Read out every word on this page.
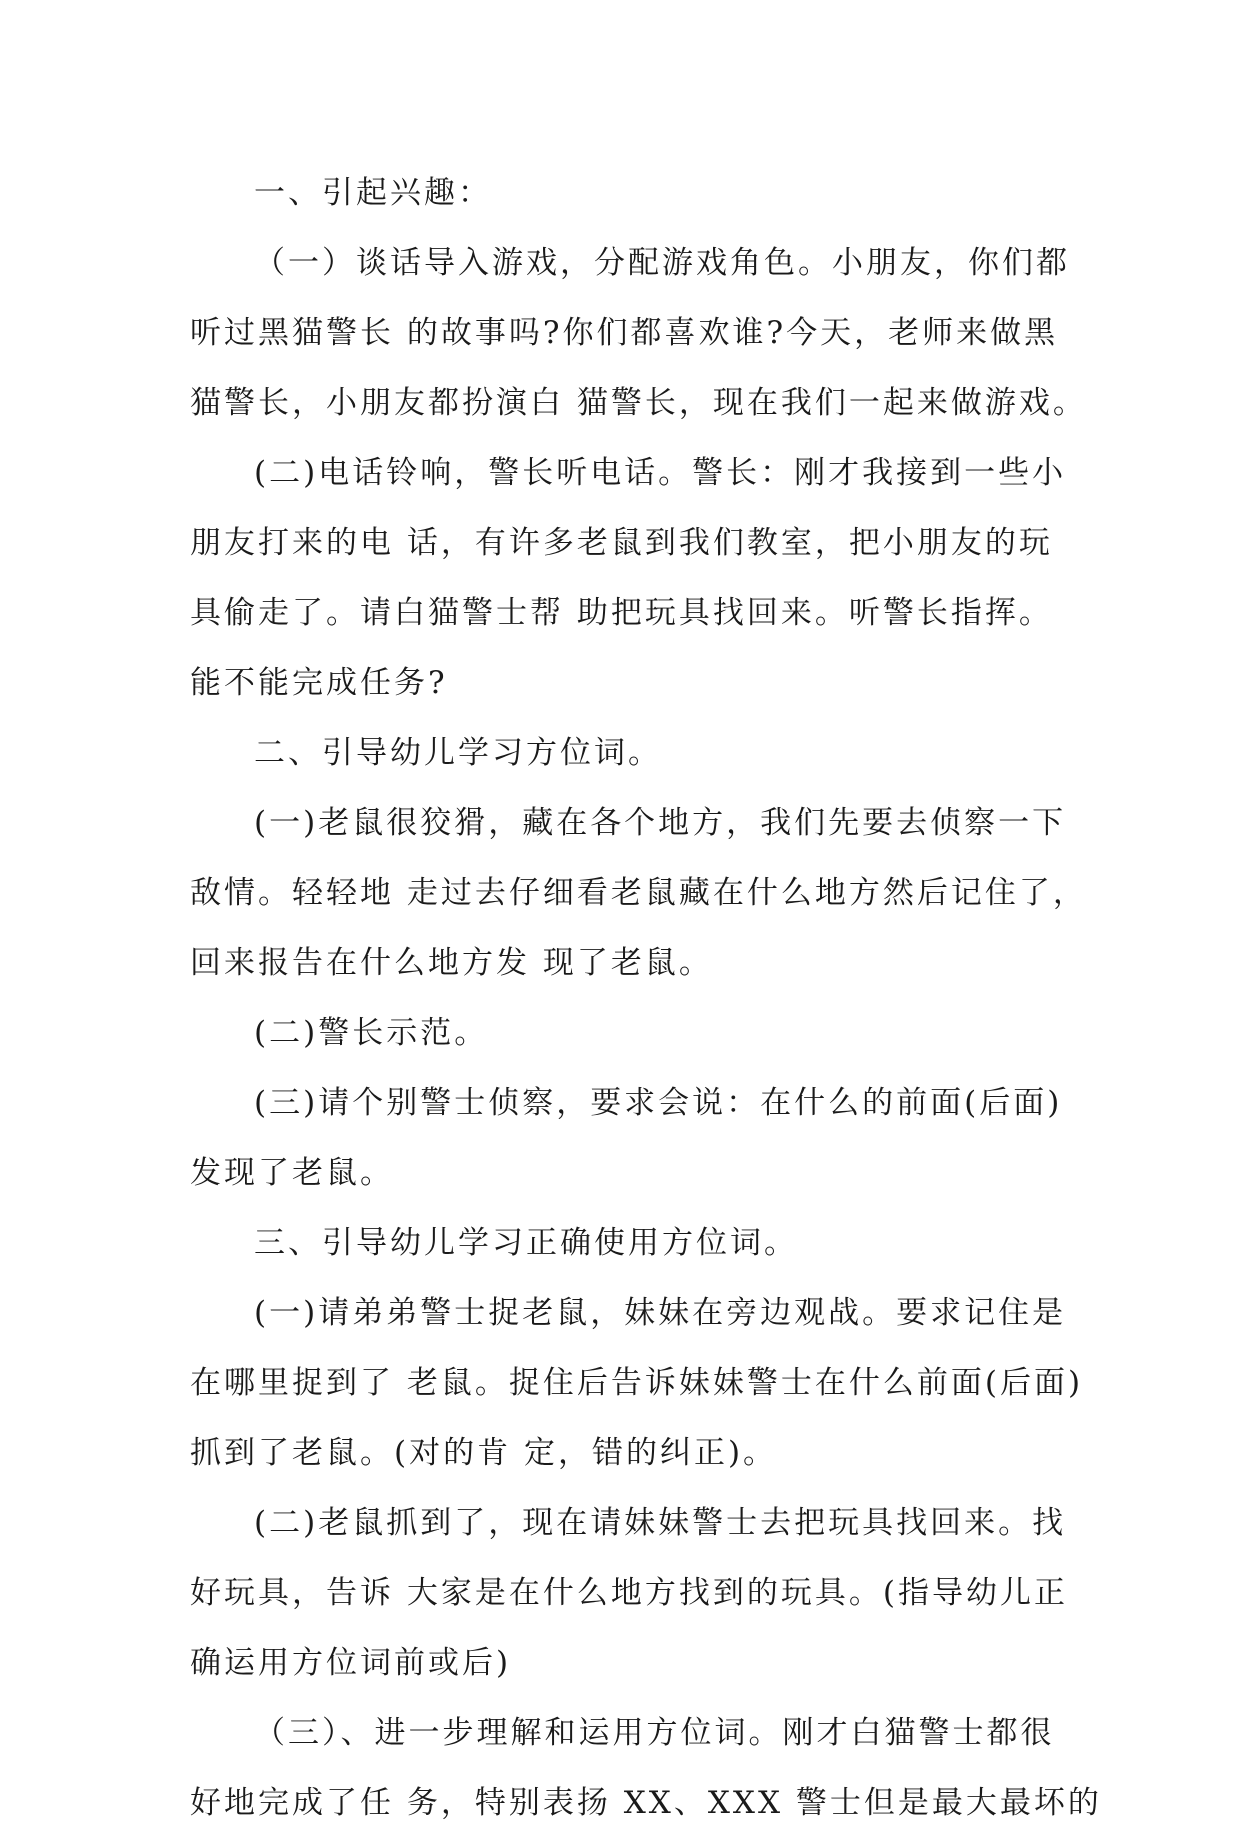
一、引起兴趣：
（一）谈话导入游戏，分配游戏角色。小朋友，你们都
听过黑猫警长 的故事吗?你们都喜欢谁?今天，老师来做黑
猫警长，小朋友都扮演白 猫警长，现在我们一起来做游戏。
(二)电话铃响，警长听电话。警长：刚才我接到一些小
朋友打来的电 话，有许多老鼠到我们教室，把小朋友的玩
具偷走了。请白猫警士帮 助把玩具找回来。听警长指挥。
能不能完成任务?
二、引导幼儿学习方位词。
(一)老鼠很狡猾，藏在各个地方，我们先要去侦察一下
敌情。轻轻地 走过去仔细看老鼠藏在什么地方然后记住了，
回来报告在什么地方发 现了老鼠。
(二)警长示范。
(三)请个别警士侦察，要求会说：在什么的前面(后面)
发现了老鼠。
三、引导幼儿学习正确使用方位词。
(一)请弟弟警士捉老鼠，妹妹在旁边观战。要求记住是
在哪里捉到了 老鼠。捉住后告诉妹妹警士在什么前面(后面)
抓到了老鼠。(对的肯 定，错的纠正)。
(二)老鼠抓到了，现在请妹妹警士去把玩具找回来。找
好玩具，告诉 大家是在什么地方找到的玩具。(指导幼儿正
确运用方位词前或后)
（三）、进一步理解和运用方位词。刚才白猫警士都很
好地完成了任 务，特别表扬 XX、XXX 警士但是最大最坏的
